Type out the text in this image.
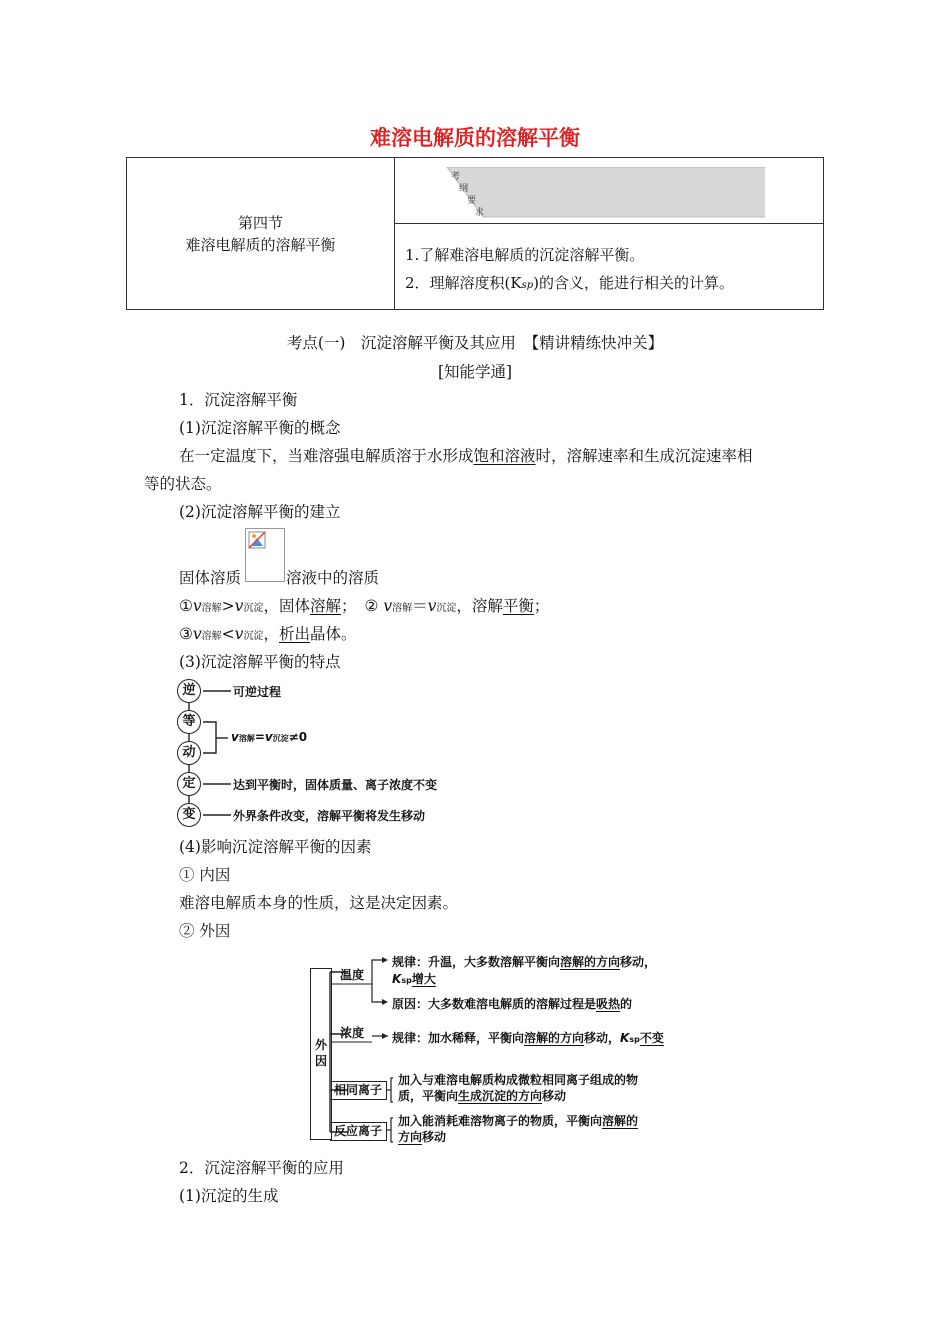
难溶电解质的溶解平衡
第四节
难溶电解质的溶解平衡

考
纲
要
求

1.了解难溶电解质的沉淀溶解平衡。
2．理解溶度积(Ksp)的含义，能进行相关的计算。
考点(一)　沉淀溶解平衡及其应用　【精讲精练快冲关】
[知能学通]
1．沉淀溶解平衡
(1)沉淀溶解平衡的概念
在一定温度下，当难溶强电解质溶于水形成饱和溶液时，溶解速率和生成沉淀速率相
等的状态。
(2)沉淀溶解平衡的建立
固体溶质	溶液中的溶质
①v溶解>v沉淀，固体溶解； ② v溶解＝v沉淀，溶解平衡；
③v溶解<v沉淀，析出晶体。
(3)沉淀溶解平衡的特点
逆	可逆过程
等
动
v溶解=v沉淀≠0
定	达到平衡时，固体质量、离子浓度不变
变	外界条件改变，溶解平衡将发生移动
(4)影响沉淀溶解平衡的因素
① 内因
难溶电解质本身的性质，这是决定因素。
② 外因
外因
温度
规律：升温，大多数溶解平衡向溶解的方向移动，
Ksp增大
原因：大多数难溶电解质的溶解过程是吸热的
浓度 规律：加水稀释，平衡向溶解的方向移动，Ksp不变
相同离子
加入与难溶电解质构成微粒相同离子组成的物
质，平衡向生成沉淀的方向移动
反应离子
加入能消耗难溶物离子的物质，平衡向溶解的
方向移动
2．沉淀溶解平衡的应用
(1)沉淀的生成
